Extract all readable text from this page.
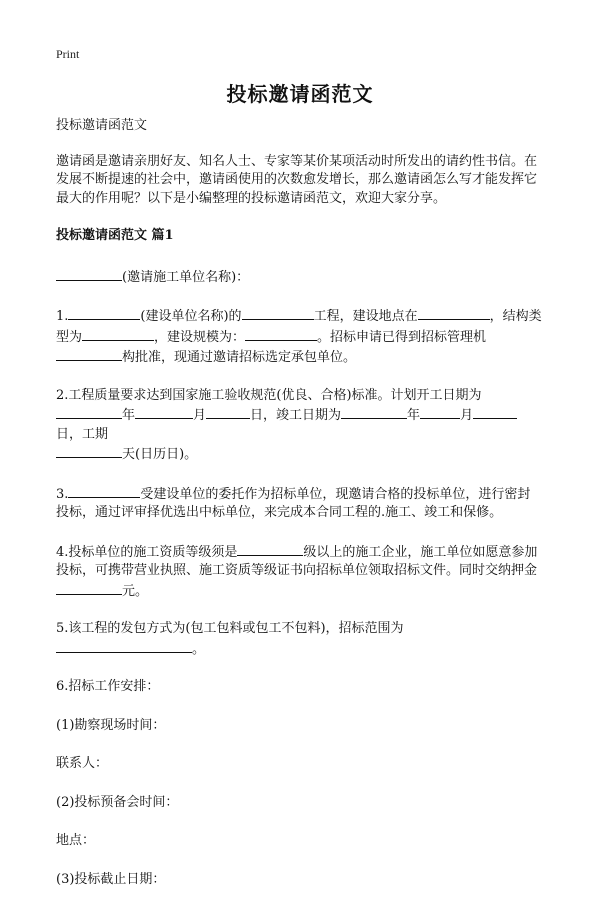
Print
投标邀请函范文

投标邀请函范文

邀请函是邀请亲朋好友、知名人士、专家等某价某项活动时所发出的请约性书信。在发展不断提速的社会中，邀请函使用的次数愈发增长，那么邀请函怎么写才能发挥它最大的作用呢？以下是小编整理的投标邀请函范文，欢迎大家分享。

投标邀请函范文 篇1

(邀请施工单位名称)：

1.	(建设单位名称)的	工程，建设地点在	，结构类型为	，建设规模为：	。招标申请已得到招标管理机
构批准，现通过邀请招标选定承包单位。

2.工程质量要求达到国家施工验收规范(优良、合格)标准。计划开工日期为
年	月	日，竣工日期为	年	月日，工期
天(日历日)。

3.	受建设单位的委托作为招标单位，现邀请合格的投标单位，进行密封投标，通过评审择优选出中标单位，来完成本合同工程的.施工、竣工和保修。

4.投标单位的施工资质等级须是	级以上的施工企业，施工单位如愿意参加投标，可携带营业执照、施工资质等级证书向招标单位领取招标文件。同时交纳押金元。

5.该工程的发包方式为(包工包料或包工不包料)，招标范围为
。

6.招标工作安排：

(1)勘察现场时间：

联系人：

(2)投标预备会时间：

地点：

(3)投标截止日期：
